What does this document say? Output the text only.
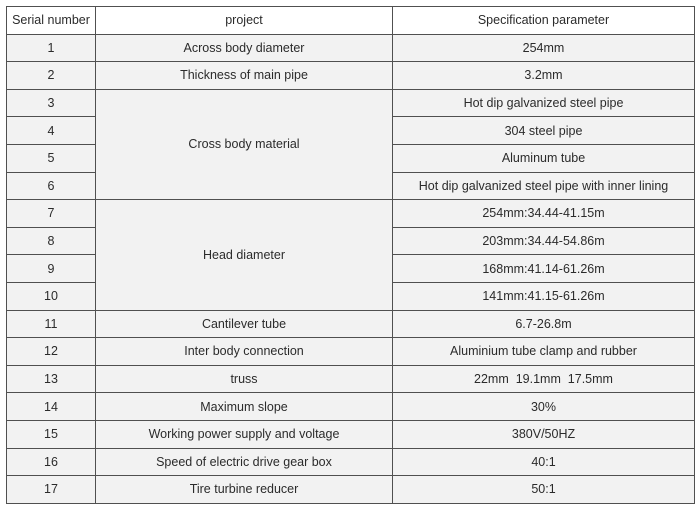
Serial number	project	Specification parameter
1	Across body diameter	254mm
2	Thickness of main pipe	3.2mm
3	Cross body material	Hot dip galvanized steel pipe
4		304 steel pipe
5		Aluminum tube
6		Hot dip galvanized steel pipe with inner lining
7	Head diameter	254mm:34.44-41.15m
8		203mm:34.44-54.86m
9		168mm:41.14-61.26m
10		141mm:41.15-61.26m
11	Cantilever tube	6.7-26.8m
12	Inter body connection	Aluminium tube clamp and rubber
13	truss	22mm  19.1mm  17.5mm
14	Maximum slope	30%
15	Working power supply and voltage	380V/50HZ
16	Speed of electric drive gear box	40:1
17	Tire turbine reducer	50:1
